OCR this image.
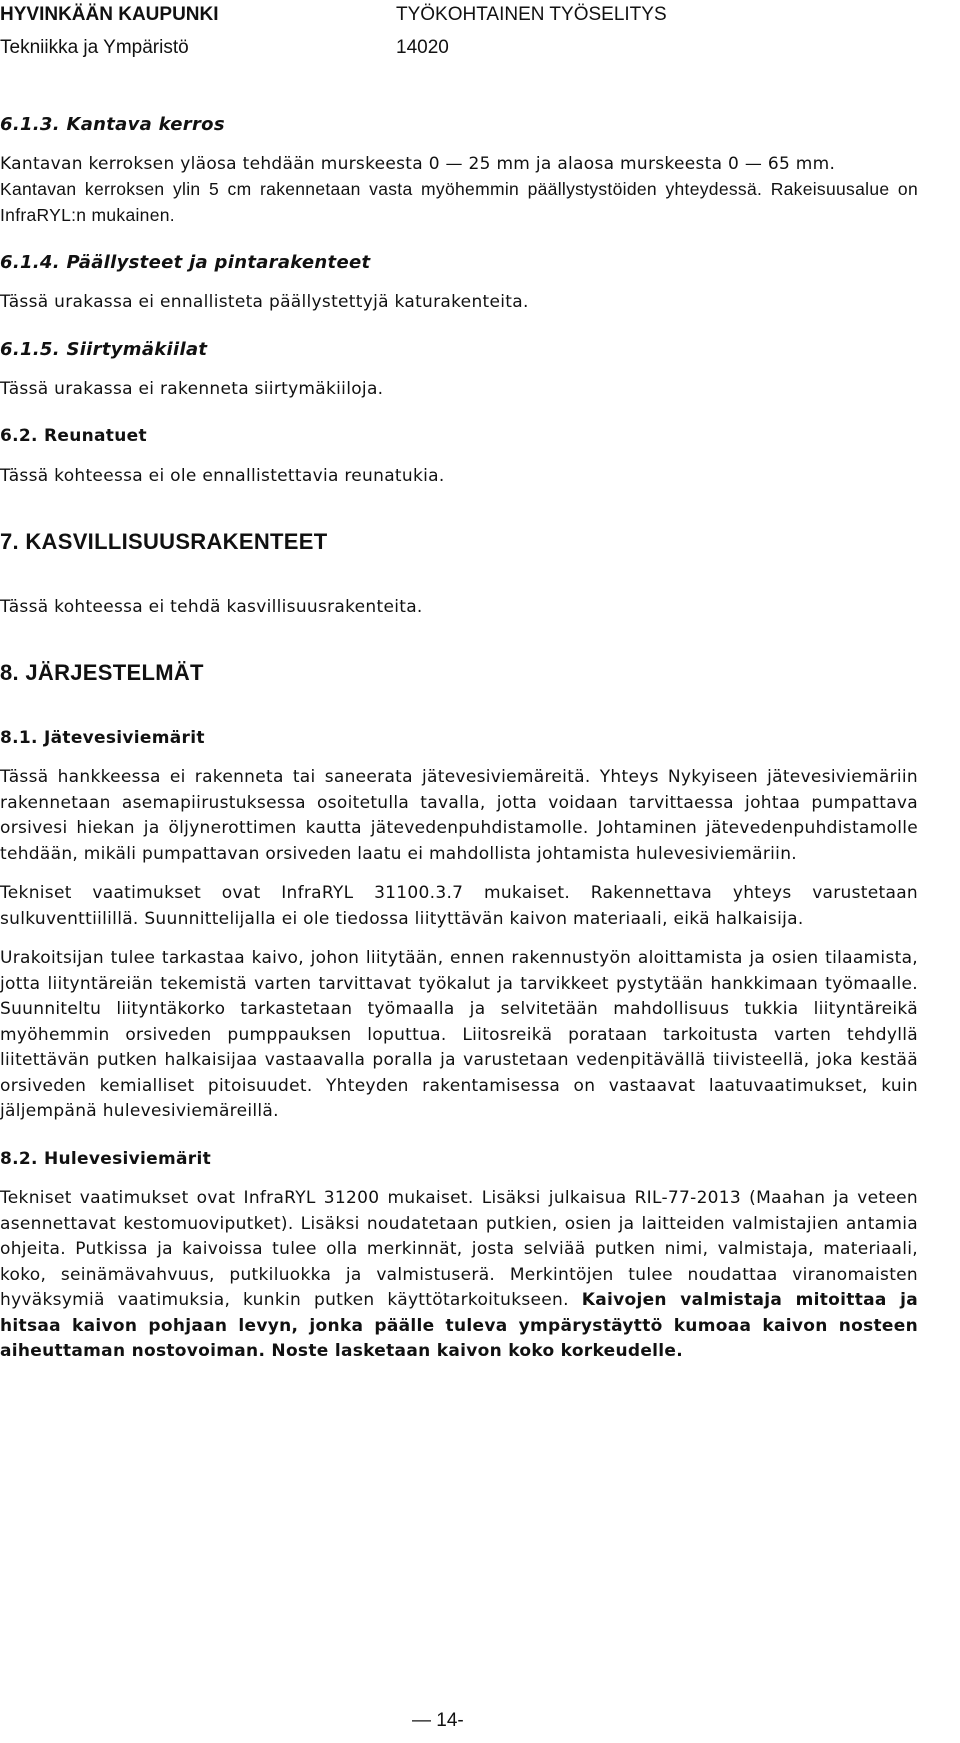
HYVINKÄÄN KAUPUNKI
Tekniikka ja Ympäristö
TYÖKOHTAINEN TYÖSELITYS
14020

6.1.3. Kantava kerros

Kantavan kerroksen yläosa tehdään murskeesta 0 — 25 mm ja alaosa murskeesta 0 — 65 mm.

Kantavan kerroksen ylin 5 cm rakennetaan vasta myöhemmin päällystystöiden yhteydessä. Rakeisuusalue on InfraRYL:n mukainen.

6.1.4. Päällysteet ja pintarakenteet

Tässä urakassa ei ennallisteta päällystettyjä katurakenteita.

6.1.5. Siirtymäkiilat

Tässä urakassa ei rakenneta siirtymäkiiloja.

6.2. Reunatuet

Tässä kohteessa ei ole ennallistettavia reunatukia.

7. KASVILLISUUSRAKENTEET

Tässä kohteessa ei tehdä kasvillisuusrakenteita.

8. JÄRJESTELMÄT

8.1. Jätevesiviemärit

Tässä hankkeessa ei rakenneta tai saneerata jätevesiviemäreitä. Yhteys Nykyiseen jätevesiviemäriin rakennetaan asemapiirustuksessa osoitetulla tavalla, jotta voidaan tarvittaessa johtaa pumpattava orsivesi hiekan ja öljynerottimen kautta jätevedenpuhdistamolle. Johtaminen jätevedenpuhdistamolle tehdään, mikäli pumpattavan orsiveden laatu ei mahdollista johtamista hulevesiviemäriin.

Tekniset vaatimukset ovat InfraRYL 31100.3.7 mukaiset. Rakennettava yhteys varustetaan sulkuventtiilillä. Suunnittelijalla ei ole tiedossa liityttävän kaivon materiaali, eikä halkaisija.

Urakoitsijan tulee tarkastaa kaivo, johon liitytään, ennen rakennustyön aloittamista ja osien tilaamista, jotta liityntäreiän tekemistä varten tarvittavat työkalut ja tarvikkeet pystytään hankkimaan työmaalle. Suunniteltu liityntäkorko tarkastetaan työmaalla ja selvitetään mahdollisuus tukkia liityntäreikä myöhemmin orsiveden pumppauksen loputtua. Liitosreikä porataan tarkoitusta varten tehdyllä liitettävän putken halkaisijaa vastaavalla poralla ja varustetaan vedenpitävällä tiivisteellä, joka kestää orsiveden kemialliset pitoisuudet. Yhteyden rakentamisessa on vastaavat laatuvaatimukset, kuin jäljempänä hulevesiviemäreillä.

8.2. Hulevesiviemärit

Tekniset vaatimukset ovat InfraRYL 31200 mukaiset. Lisäksi julkaisua RIL-77-2013 (Maahan ja veteen asennettavat kestomuoviputket). Lisäksi noudatetaan putkien, osien ja laitteiden valmistajien antamia ohjeita. Putkissa ja kaivoissa tulee olla merkinnät, josta selviää putken nimi, valmistaja, materiaali, koko, seinämävahvuus, putkiluokka ja valmistuserä. Merkintöjen tulee noudattaa viranomaisten hyväksymiä vaatimuksia, kunkin putken käyttötarkoitukseen. Kaivojen valmistaja mitoittaa ja hitsaa kaivon pohjaan levyn, jonka päälle tuleva ympärystäyttö kumoaa kaivon nosteen aiheuttaman nostovoiman. Noste lasketaan kaivon koko korkeudelle.

— 14-
